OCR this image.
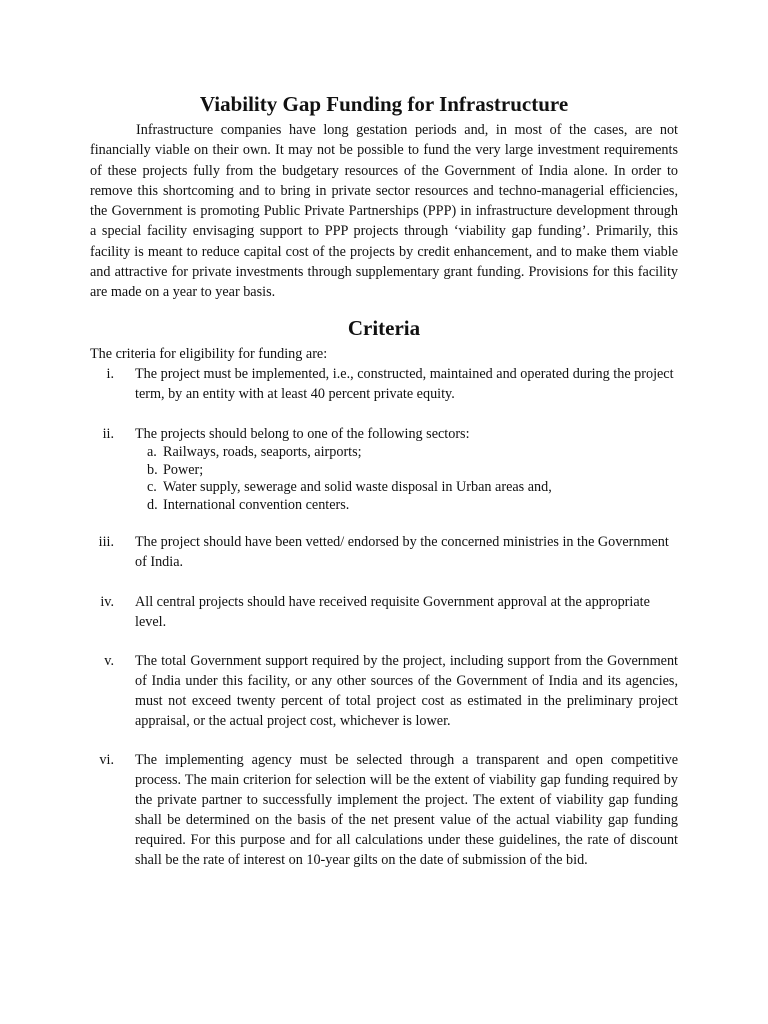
Viability Gap Funding for Infrastructure

Infrastructure companies have long gestation periods and, in most of the cases, are not financially viable on their own. It may not be possible to fund the very large investment requirements of these projects fully from the budgetary resources of the Government of India alone. In order to remove this shortcoming and to bring in private sector resources and techno-managerial efficiencies, the Government is promoting Public Private Partnerships (PPP) in infrastructure development through a special facility envisaging support to PPP projects through ‘viability gap funding’. Primarily, this facility is meant to reduce capital cost of the projects by credit enhancement, and to make them viable and attractive for private investments through supplementary grant funding. Provisions for this facility are made on a year to year basis.

Criteria

The criteria for eligibility for funding are:

i. The project must be implemented, i.e., constructed, maintained and operated during the project term, by an entity with at least 40 percent private equity.
ii. The projects should belong to one of the following sectors:
a. Railways, roads, seaports, airports;
b. Power;
c. Water supply, sewerage and solid waste disposal in Urban areas and,
d. International convention centers.
iii. The project should have been vetted/ endorsed by the concerned ministries in the Government of India.
iv. All central projects should have received requisite Government approval at the appropriate level.
v. The total Government support required by the project, including support from the Government of India under this facility, or any other sources of the Government of India and its agencies, must not exceed twenty percent of total project cost as estimated in the preliminary project appraisal, or the actual project cost, whichever is lower.
vi. The implementing agency must be selected through a transparent and open competitive process. The main criterion for selection will be the extent of viability gap funding required by the private partner to successfully implement the project. The extent of viability gap funding shall be determined on the basis of the net present value of the actual viability gap funding required. For this purpose and for all calculations under these guidelines, the rate of discount shall be the rate of interest on 10-year gilts on the date of submission of the bid.
